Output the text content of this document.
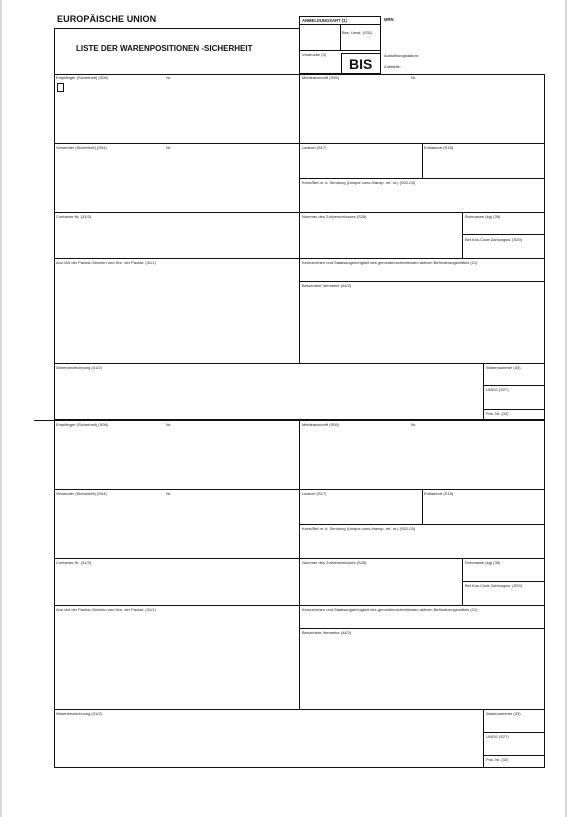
EUROPÄISCHE UNION
LISTE DER WARENPOSITIONEN -SICHERHEIT
ANMELDUNGSART (1)
Bes. Umst. (S32)
Vordrucke (3)
BIS
MRN
Ausstellungsdatum:
Zollstelle:
Empfänger (Sicherheit) (S06)	Nr.	Meldeanschrift (S05)	Nr.
Versender (Sicherheit) (S04)	Nr.	Ladeort (S17)	Entladeort (S18)
Kenn/Bef.nr. d. Sendung (Unique cons./transp. ref. nr.) (S02-03)
Container Nr. (31/3)	Nummer des Zollverschlusses (S28)	Rohmasse (kg) (35)
Bef.Kos.Code Zahlungsw. (S29)
Anz./Art der Packst./Zeichen und Nrn. der Packst. (31/1)	Kennzeichen und Staatszugehörigkeit des grenzüberschreitenden aktiven Beförderungsmittels (21)
Besondere Vermerke (44/2)
Warenbezeichnung (31/2)	Warennummer (33)
UNDG (S27)
Pos. Nr. (32)
Empfänger (Sicherheit) (S06)	Nr.	Meldeanschrift (S05)	Nr.
Versender (Sicherheit) (S04)	Nr.	Ladeort (S17)	Entladeort (S18)
Kenn/Bef.nr. d. Sendung (Unique cons./transp. ref. nr.) (S02-03)
Container Nr. (31/3)	Nummer des Zollverschlusses (S28)	Rohmasse (kg) (35)
Bef.Kos.Code Zahlungsw. (S29)
Anz./Art der Packst./Zeichen und Nrn. der Packst. (31/1)	Kennzeichen und Staatszugehörigkeit des grenzüberschreitenden aktiven Beförderungsmittels (21)
Besondere Vermerke (44/2)
Warenbezeichnung (31/2)	Warennummer (33)
UNDG (S27)
Pos. Nr. (32)
